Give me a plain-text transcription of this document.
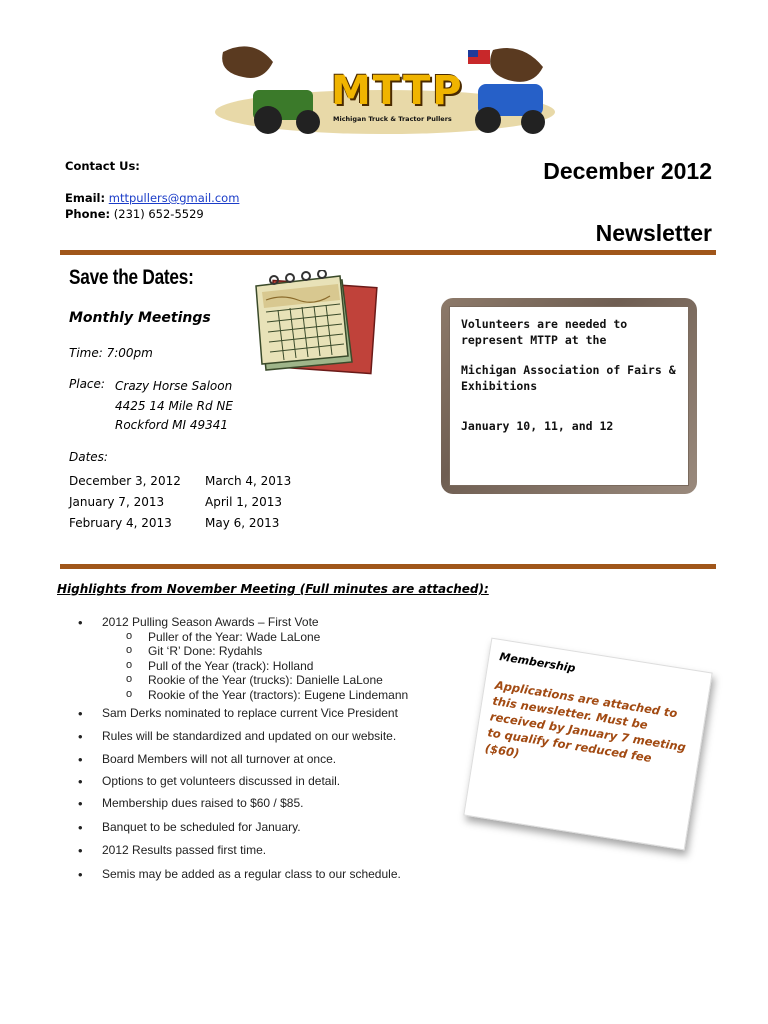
MTTP
Michigan Truck & Tractor Pullers
Contact Us:
Email: mttpullers@gmail.com
Phone: (231) 652-5529
December 2012
Newsletter
Save the Dates:
Monthly Meetings
Time: 7:00pm
Place: Crazy Horse Saloon
4425 14 Mile Rd NE
Rockford MI 49341
Dates:
December 3, 2012
January 7, 2013
February 4, 2013
March 4, 2013
April 1, 2013
May 6, 2013

Volunteers are needed to represent MTTP at the

Michigan Association of Fairs & Exhibitions

January 10, 11, and 12

Highlights from November Meeting (Full minutes are attached):
2012 Pulling Season Awards – First Vote
Puller of the Year: Wade LaLone
Git ‘R’ Done: Rydahls
Pull of the Year (track): Holland
Rookie of the Year (trucks): Danielle LaLone
Rookie of the Year (tractors): Eugene Lindemann
Sam Derks nominated to replace current Vice President
Rules will be standardized and updated on our website.
Board Members will not all turnover at once.
Options to get volunteers discussed in detail.
Membership dues raised to $60 / $85.
Banquet to be scheduled for January.
2012 Results passed first time.
Semis may be added as a regular class to our schedule.
Membership
Applications are attached to this newsletter. Must be received by January 7 meeting to qualify for reduced fee ($60)
